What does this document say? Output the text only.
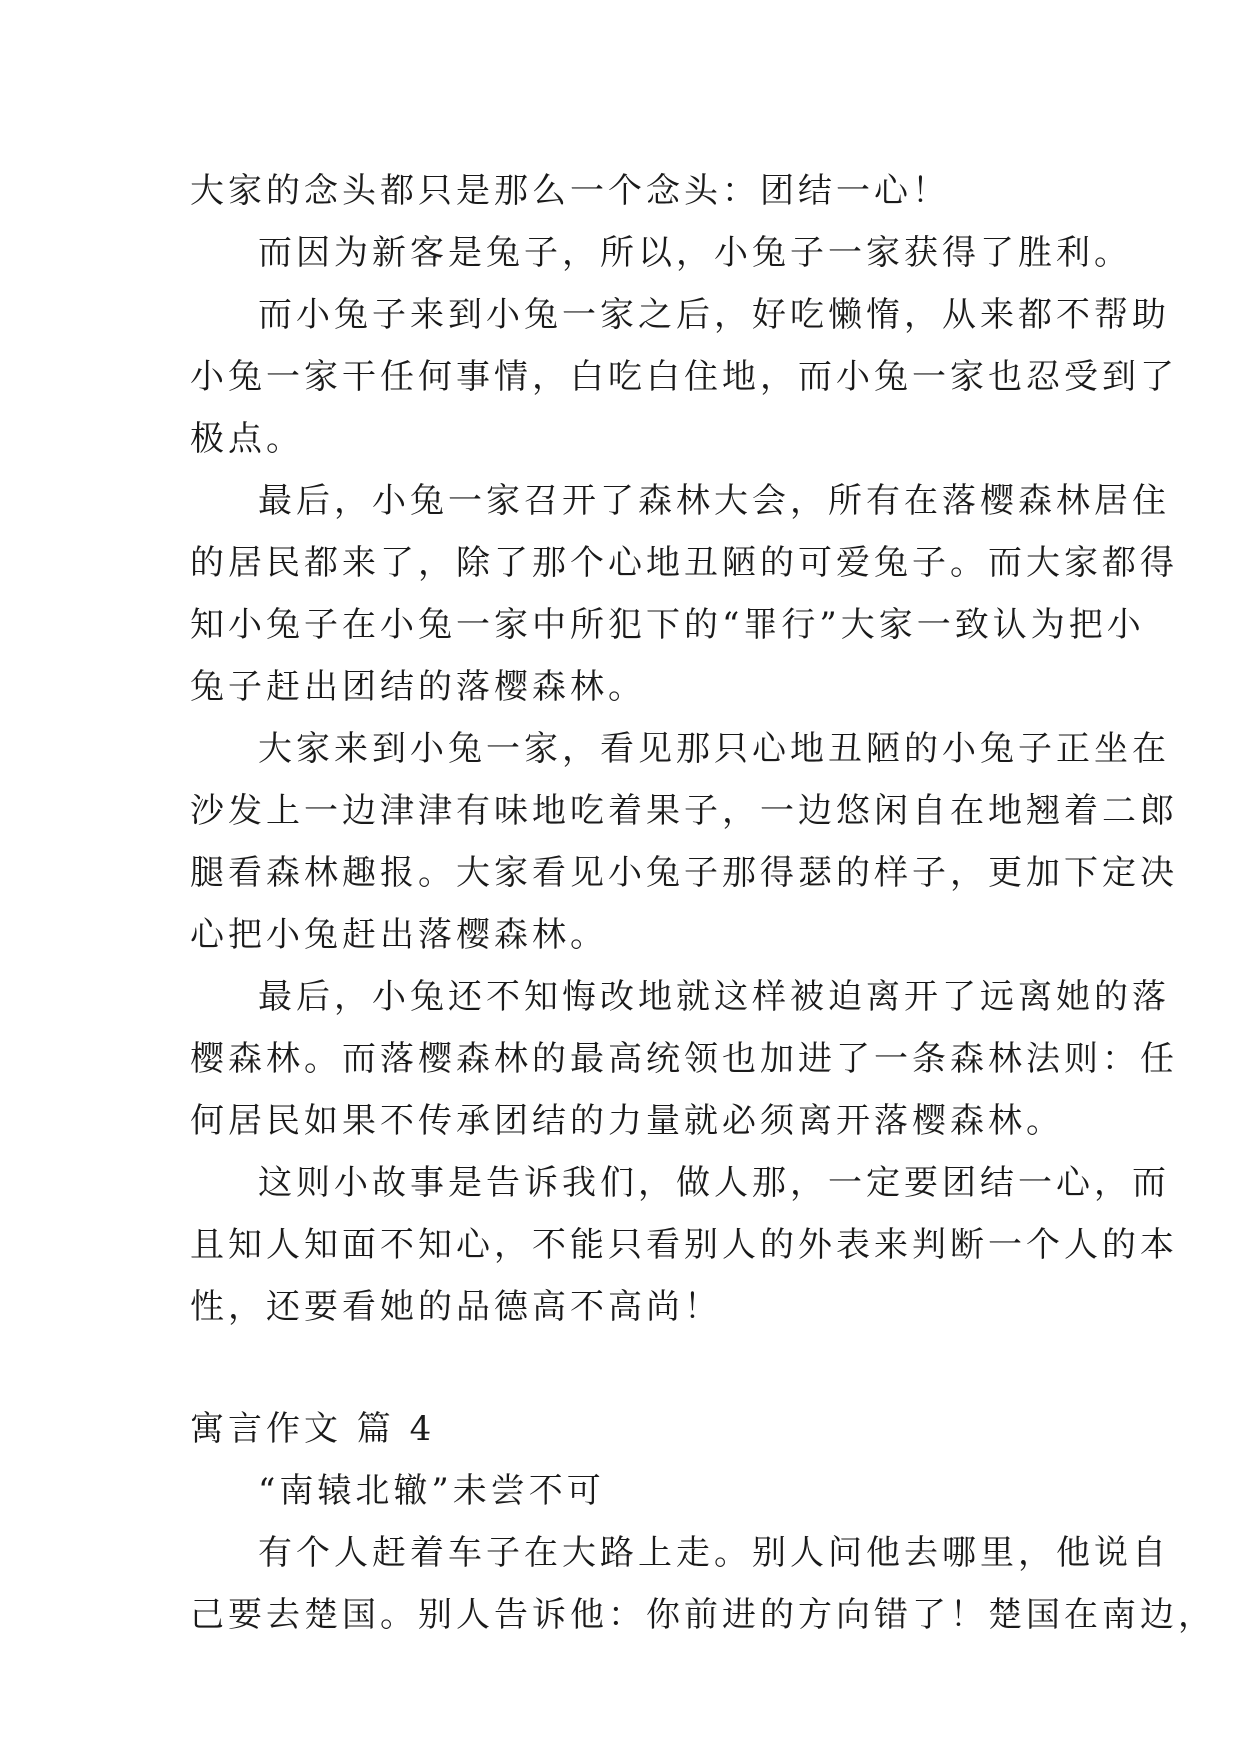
大家的念头都只是那么一个念头：团结一心！
而因为新客是兔子，所以，小兔子一家获得了胜利。
而小兔子来到小兔一家之后，好吃懒惰，从来都不帮助
小兔一家干任何事情，白吃白住地，而小兔一家也忍受到了
极点。
最后，小兔一家召开了森林大会，所有在落樱森林居住
的居民都来了，除了那个心地丑陋的可爱兔子。而大家都得
知小兔子在小兔一家中所犯下的“罪行”大家一致认为把小
兔子赶出团结的落樱森林。
大家来到小兔一家，看见那只心地丑陋的小兔子正坐在
沙发上一边津津有味地吃着果子，一边悠闲自在地翘着二郎
腿看森林趣报。大家看见小兔子那得瑟的样子，更加下定决
心把小兔赶出落樱森林。
最后，小兔还不知悔改地就这样被迫离开了远离她的落
樱森林。而落樱森林的最高统领也加进了一条森林法则：任
何居民如果不传承团结的力量就必须离开落樱森林。
这则小故事是告诉我们，做人那，一定要团结一心，而
且知人知面不知心，不能只看别人的外表来判断一个人的本
性，还要看她的品德高不高尚！
寓言作文 篇 4
“南辕北辙”未尝不可
有个人赶着车子在大路上走。别人问他去哪里，他说自
己要去楚国。别人告诉他：你前进的方向错了！楚国在南边，
